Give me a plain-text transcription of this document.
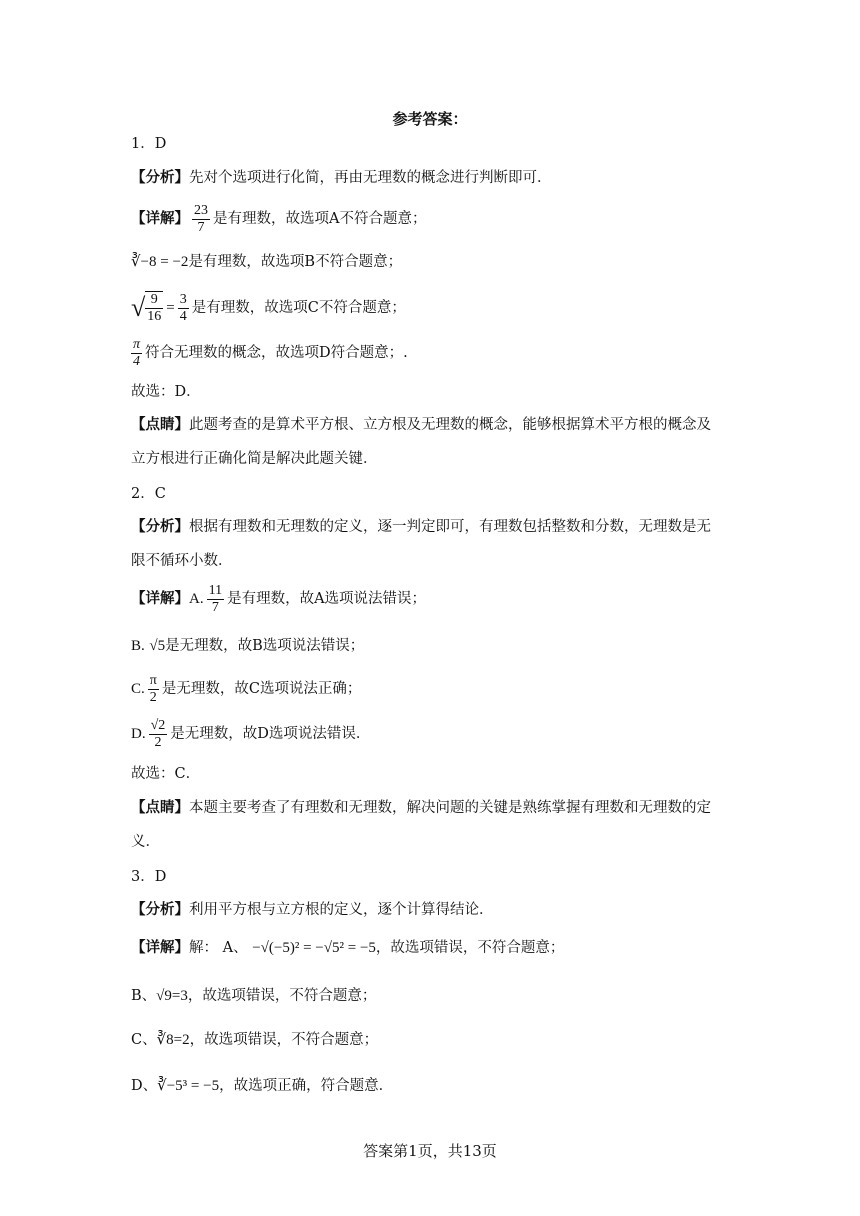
参考答案：
1．D
【分析】先对个选项进行化简，再由无理数的概念进行判断即可．
【详解】 $\frac{23}{7}$ 是有理数，故选项A不符合题意；
∛−8 = −2是有理数，故选项B不符合题意；
√ $\frac{9}{16} = \frac{3}{4}$ 是有理数，故选项C不符合题意；
$\frac{\pi}{4}$ 符合无理数的概念，故选项D符合题意；.
故选：D．
【点睛】此题考查的是算术平方根、立方根及无理数的概念，能够根据算术平方根的概念及
立方根进行正确化简是解决此题关键．
2．C
【分析】根据有理数和无理数的定义，逐一判定即可，有理数包括整数和分数，无理数是无
限不循环小数．
【详解】A. $\frac{11}{7}$ 是有理数，故A选项说法错误；
B. √5是无理数，故B选项说法错误；
C. $\frac{\pi}{2}$ 是无理数，故C选项说法正确；
D. $\frac{√2}{2}$ 是无理数，故D选项说法错误．
故选：C．
【点睛】本题主要考查了有理数和无理数，解决问题的关键是熟练掌握有理数和无理数的定
义．
3．D
【分析】利用平方根与立方根的定义，逐个计算得结论．
【详解】解： A、 −√(−5)² = −√5² = −5，故选项错误，不符合题意；
B、√9=3，故选项错误，不符合题意；
C、∛8=2，故选项错误，不符合题意；
D、∛−5³ = −5，故选项正确，符合题意．
答案第1页，共13页
